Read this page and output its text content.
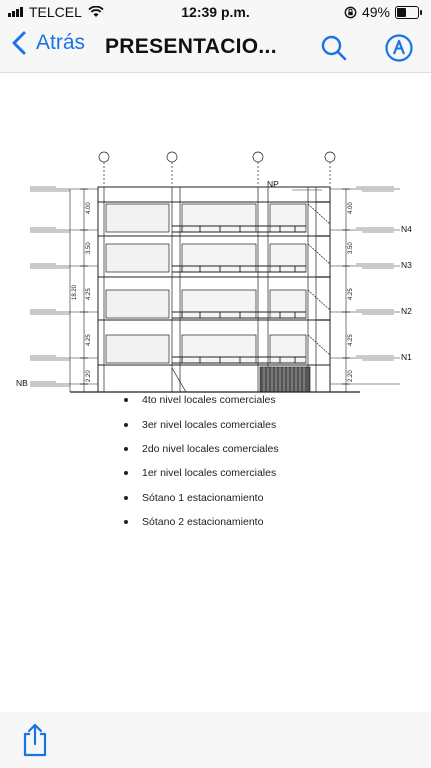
TELCEL	12:39 p.m.	49%
Atrás PRESENTACIO...
NP
N4
N3
N2
N1
NB
4.00
3.50
4.25
4.25
2.20
18.20
4.00
3.50
4.25
4.25
2.20
4to nivel locales comerciales
3er nivel locales comerciales
2do nivel locales comerciales
1er nivel locales comerciales
Sótano 1 estacionamiento
Sótano 2 estacionamiento
